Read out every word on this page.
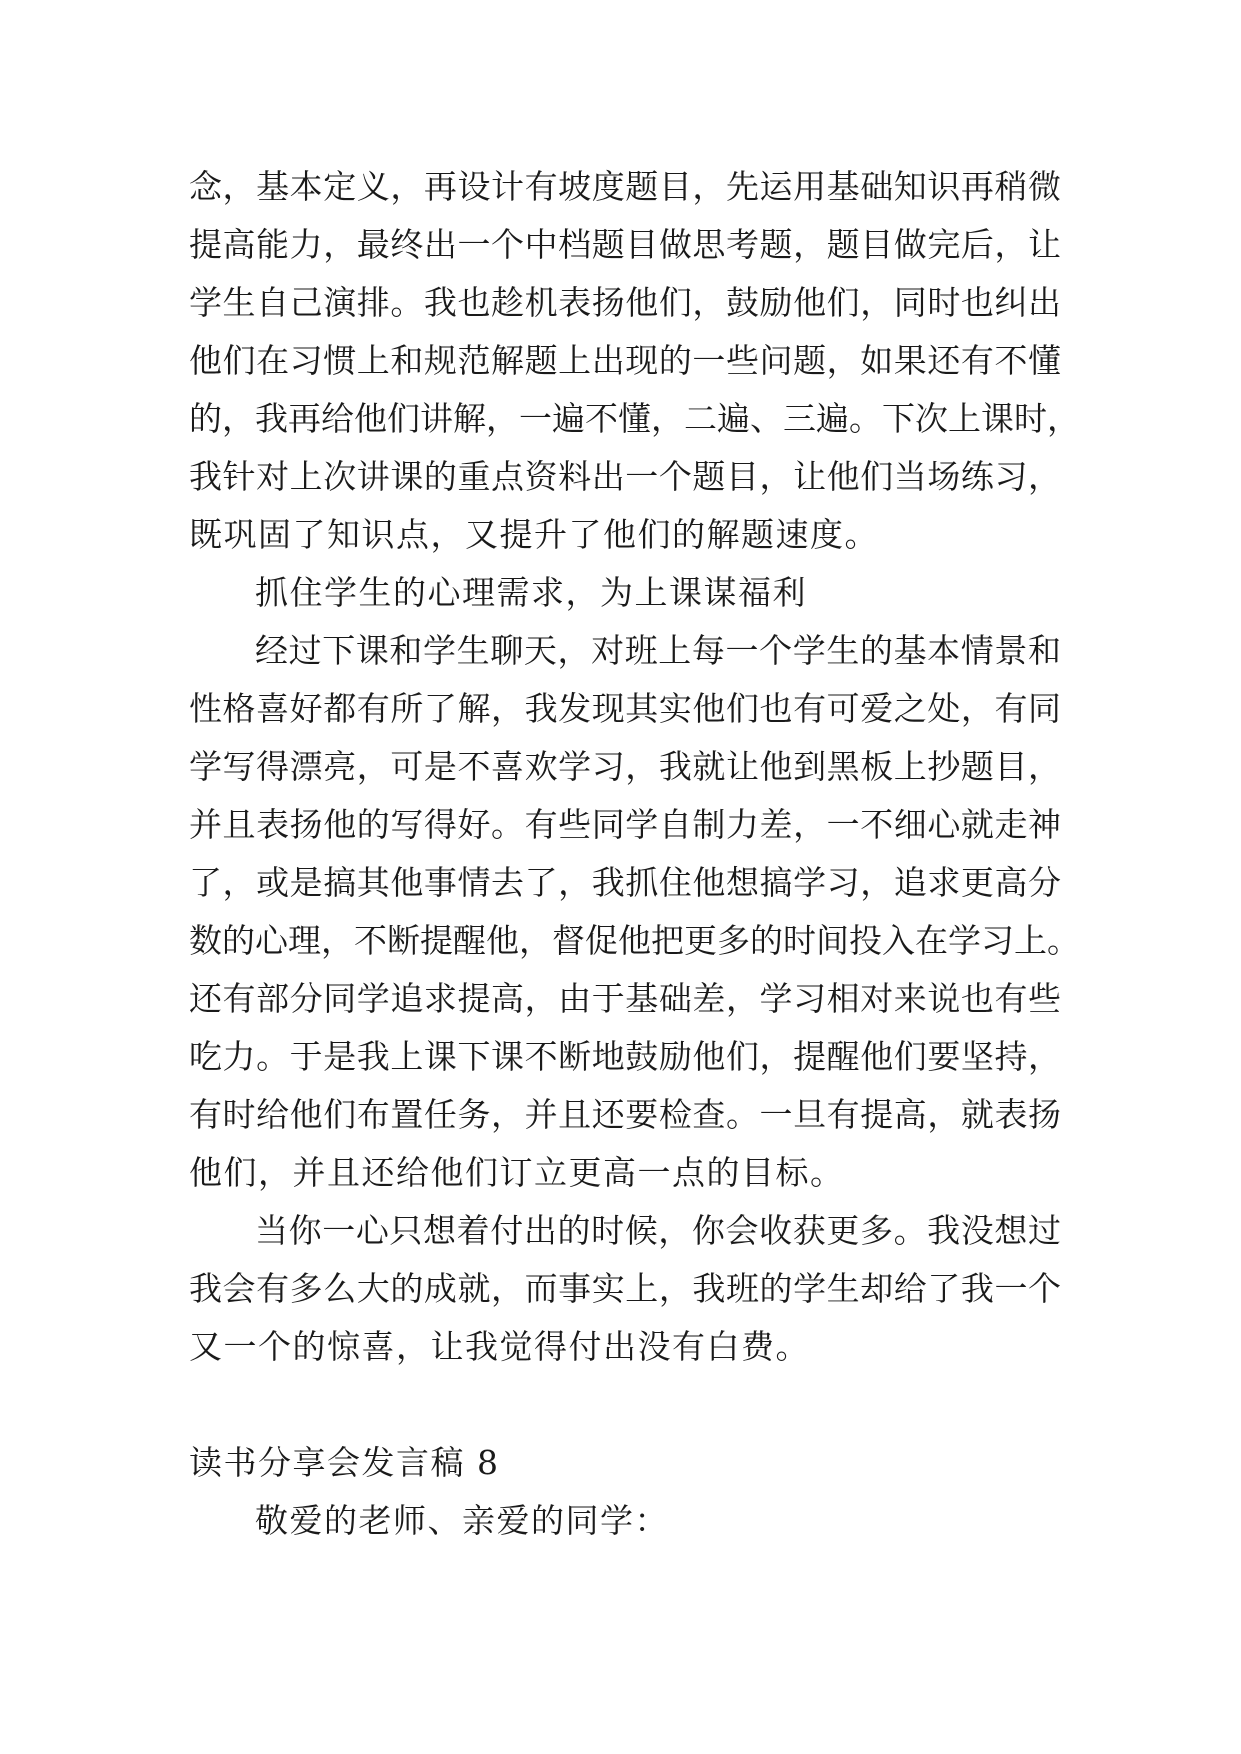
念，基本定义，再设计有坡度题目，先运用基础知识再稍微
提高能力，最终出一个中档题目做思考题，题目做完后，让
学生自己演排。我也趁机表扬他们，鼓励他们，同时也纠出
他们在习惯上和规范解题上出现的一些问题，如果还有不懂
的，我再给他们讲解，一遍不懂，二遍、三遍。下次上课时，
我针对上次讲课的重点资料出一个题目，让他们当场练习，
既巩固了知识点，又提升了他们的解题速度。
抓住学生的心理需求，为上课谋福利
经过下课和学生聊天，对班上每一个学生的基本情景和
性格喜好都有所了解，我发现其实他们也有可爱之处，有同
学写得漂亮，可是不喜欢学习，我就让他到黑板上抄题目，
并且表扬他的写得好。有些同学自制力差，一不细心就走神
了，或是搞其他事情去了，我抓住他想搞学习，追求更高分
数的心理，不断提醒他，督促他把更多的时间投入在学习上。
还有部分同学追求提高，由于基础差，学习相对来说也有些
吃力。于是我上课下课不断地鼓励他们，提醒他们要坚持，
有时给他们布置任务，并且还要检查。一旦有提高，就表扬
他们，并且还给他们订立更高一点的目标。
当你一心只想着付出的时候，你会收获更多。我没想过
我会有多么大的成就，而事实上，我班的学生却给了我一个
又一个的惊喜，让我觉得付出没有白费。
读书分享会发言稿 8
敬爱的老师、亲爱的同学：
